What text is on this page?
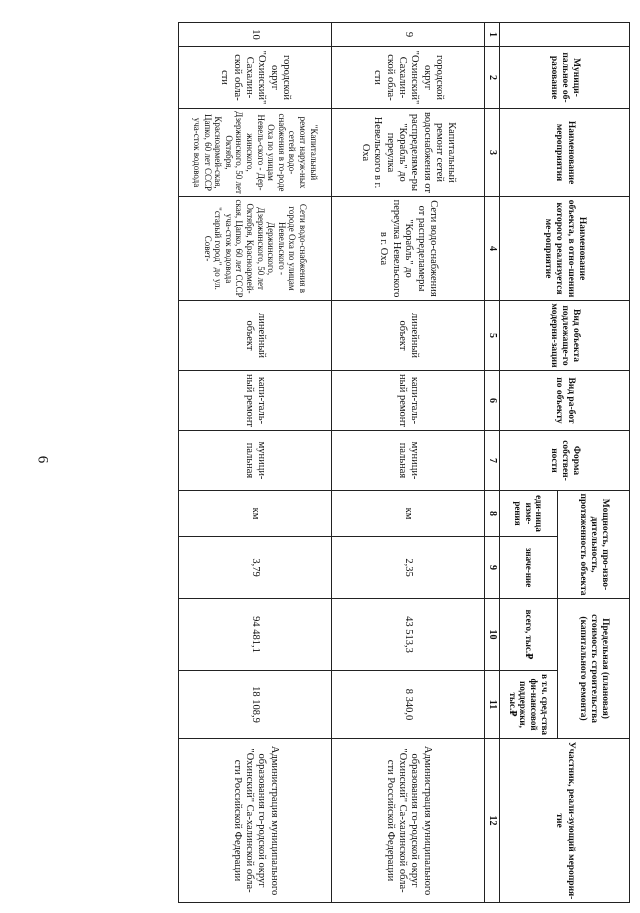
6
	Муници-пальное об-разование	Наименование мероприятия	Наименование объекта, в отно-шении которого реализуется ме-роприятие	Вид объекта подлежаще-го модерни-зации	Вид ра-бот по объекту	Форма собствен-ности	Мощность, про-изво-дительность, протяженность объекта		Предельная (плановая) стоимость строительства (капитального ремонта)		Участник, реали-зующий мероприя-тие
							еди-ница изме-рения	значе-ние	всего, тыс.₽	в т.ч. сред-ства фи-нансовой поддержки, тыс.₽	
1	2	3	4	5	6	7	8	9	10	11	12
9	городской округ "Охинский" Сахалин-ской обла-сти	Капитальный ремонт сетей водоснабжения от распределяме-ры "Корабль" до переулка Невельского в г. Оха	Сети водо-снабжения от распределамеры "Корабль" до переулка Невельского в г. Оха	линейный объект	капи-таль-ный ремонт	муници-пальная	км	2,35	43 513,3	8 340,0	Администрация муниципального образования го-родской округ "Охинский" Са-халинской обла-сти Российской Федерации
10	городской округ "Охинский" Сахалин-ской обла-сти	"Капитальный ремонт наруж-ных сетей водо-снабжения в го-роде Оха по улицам Невель-ского - Дер-жинского, Дзержинского, 50 лет Октября, Красноармей-ская, Цапко, 60 лет СССР уча-сток водовода	Сети водо-снабжения в городе Оха по улицам Невельского - Держинского, Дзержинского, 50 лет Октября, Красноармей-ская, Цапко, 60 лет СССР уча-сток водовода "старый город" до ул. Совет-	линейный объект	капи-таль-ный ремонт	муници-пальная	км	3,79	94 481,1	18 108,9	Администрация муниципального образования го-родской округ "Охинский" Са-халинской обла-сти Российской Федерации
